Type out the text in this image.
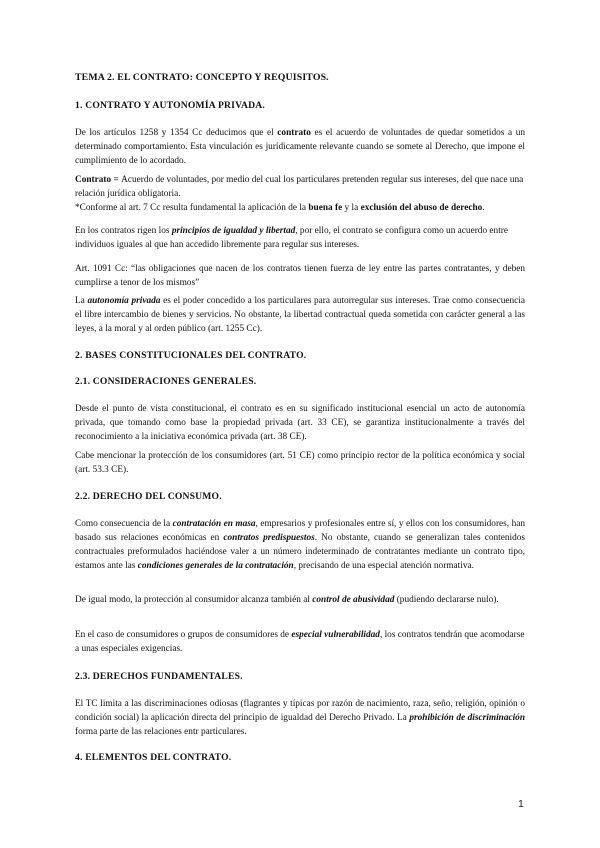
TEMA 2. EL CONTRATO: CONCEPTO Y REQUISITOS.

1. CONTRATO Y AUTONOMÍA PRIVADA.

De los artículos 1258 y 1354 Cc deducimos que el contrato es el acuerdo de voluntades de quedar sometidos a un determinado comportamiento. Esta vinculación es jurídicamente relevante cuando se somete al Derecho, que impone el cumplimiento de lo acordado.

Contrato = Acuerdo de voluntades, por medio del cual los particulares pretenden regular sus intereses, del que nace una relación jurídica obligatoria.

*Conforme al art. 7 Cc resulta fundamental la aplicación de la buena fe y la exclusión del abuso de derecho.

En los contratos rigen los principios de igualdad y libertad, por ello, el contrato se configura como un acuerdo entre individuos iguales al que han accedido libremente para regular sus intereses.

Art. 1091 Cc: “las obligaciones que nacen de los contratos tienen fuerza de ley entre las partes contratantes, y deben cumplirse a tenor de los mismos”

La autonomía privada es el poder concedido a los particulares para autorregular sus intereses. Trae como consecuencia el libre intercambio de bienes y servicios. No obstante, la libertad contractual queda sometida con carácter general a las leyes, a la moral y al orden público (art. 1255 Cc).

2. BASES CONSTITUCIONALES DEL CONTRATO.

2.1. CONSIDERACIONES GENERALES.

Desde el punto de vista constitucional, el contrato es en su significado institucional esencial un acto de autonomía privada, que tomando como base la propiedad privada (art. 33 CE), se garantiza institucionalmente a través del reconocimiento a la iniciativa económica privada (art. 38 CE).

Cabe mencionar la protección de los consumidores (art. 51 CE) como principio rector de la política económica y social (art. 53.3 CE).

2.2. DERECHO DEL CONSUMO.

Como consecuencia de la contratación en masa, empresarios y profesionales entre sí, y ellos con los consumidores, han basado sus relaciones económicas en contratos predispuestos. No obstante, cuando se generalizan tales contenidos contractuales preformulados haciéndose valer a un número indeterminado de contratantes mediante un contrato tipo, estamos ante las condiciones generales de la contratación, precisando de una especial atención normativa.

De igual modo, la protección al consumidor alcanza también al control de abusividad (pudiendo declararse nulo).

En el caso de consumidores o grupos de consumidores de especial vulnerabilidad, los contratos tendrán que acomodarse a unas especiales exigencias.

2.3. DERECHOS FUNDAMENTALES.

El TC limita a las discriminaciones odiosas (flagrantes y típicas por razón de nacimiento, raza, seño, religión, opinión o condición social) la aplicación directa del principio de igualdad del Derecho Privado. La prohibición de discriminación forma parte de las relaciones entr particulares.

4. ELEMENTOS DEL CONTRATO.

1
